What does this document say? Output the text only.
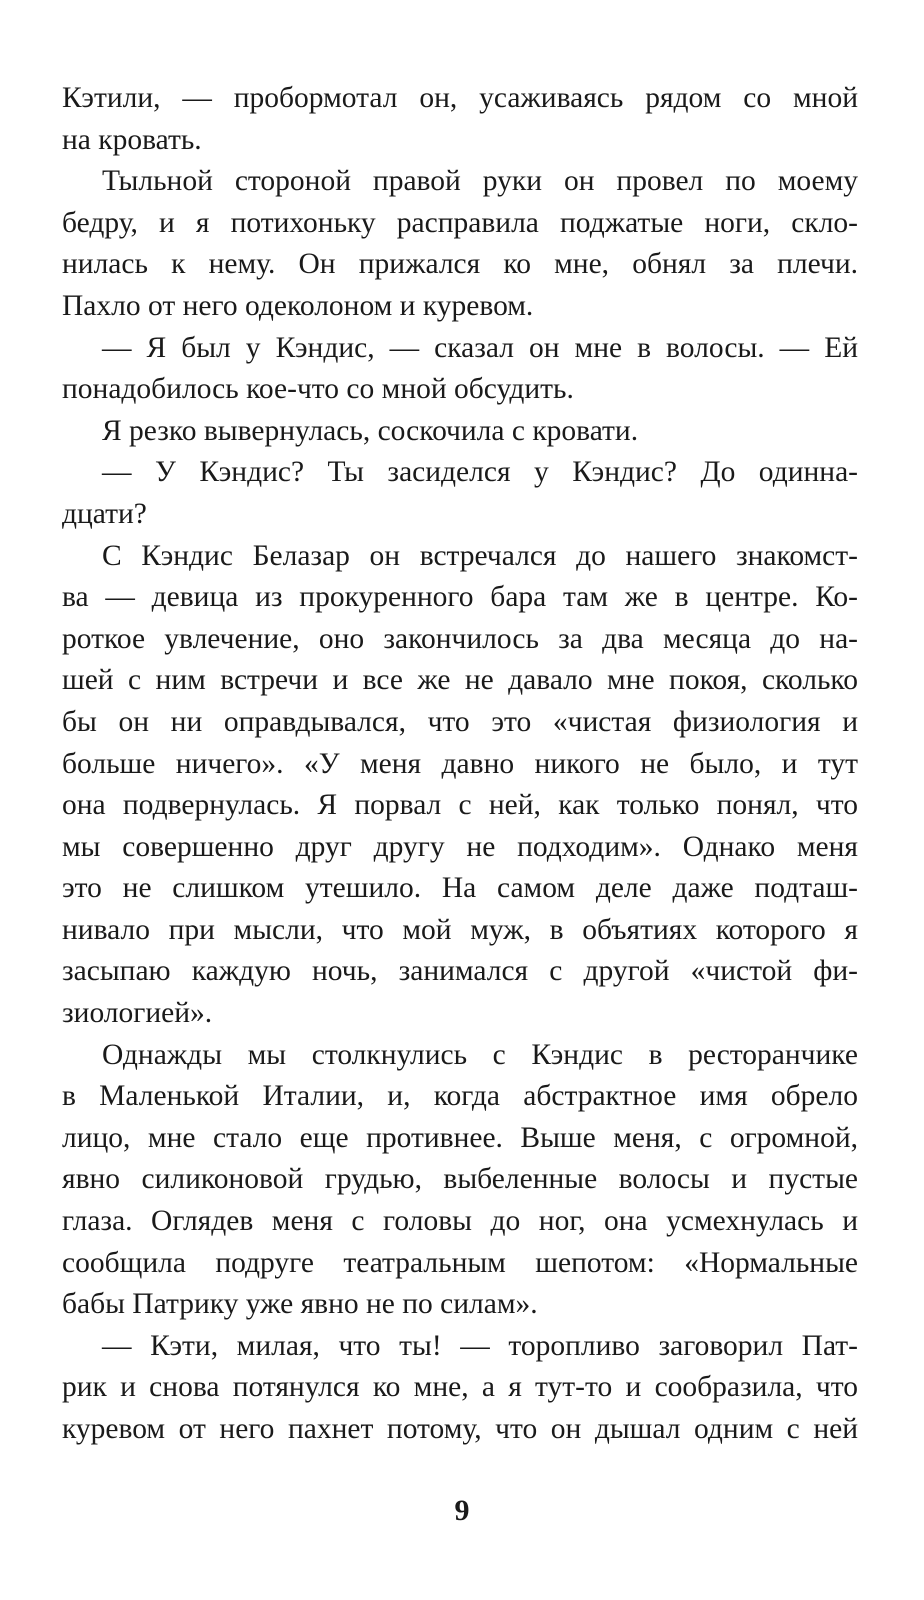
Кэтили, — пробормотал он, усаживаясь рядом со мной
на кровать.
Тыльной стороной правой руки он провел по моему
бедру, и я потихоньку расправила поджатые ноги, скло-
нилась к нему. Он прижался ко мне, обнял за плечи.
Пахло от него одеколоном и куревом.
— Я был у Кэндис, — сказал он мне в волосы. — Ей
понадобилось кое-что со мной обсудить.
Я резко вывернулась, соскочила с кровати.
— У Кэндис? Ты засиделся у Кэндис? До одинна-
дцати?
С Кэндис Белазар он встречался до нашего знакомст-
ва — девица из прокуренного бара там же в центре. Ко-
роткое увлечение, оно закончилось за два месяца до на-
шей с ним встречи и все же не давало мне покоя, сколько
бы он ни оправдывался, что это «чистая физиология и
больше ничего». «У меня давно никого не было, и тут
она подвернулась. Я порвал с ней, как только понял, что
мы совершенно друг другу не подходим». Однако меня
это не слишком утешило. На самом деле даже подташ-
нивало при мысли, что мой муж, в объятиях которого я
засыпаю каждую ночь, занимался с другой «чистой фи-
зиологией».
Однажды мы столкнулись с Кэндис в ресторанчике
в Маленькой Италии, и, когда абстрактное имя обрело
лицо, мне стало еще противнее. Выше меня, с огромной,
явно силиконовой грудью, выбеленные волосы и пустые
глаза. Оглядев меня с головы до ног, она усмехнулась и
сообщила подруге театральным шепотом: «Нормальные
бабы Патрику уже явно не по силам».
— Кэти, милая, что ты! — торопливо заговорил Пат-
рик и снова потянулся ко мне, а я тут-то и сообразила, что
куревом от него пахнет потому, что он дышал одним с ней
9
